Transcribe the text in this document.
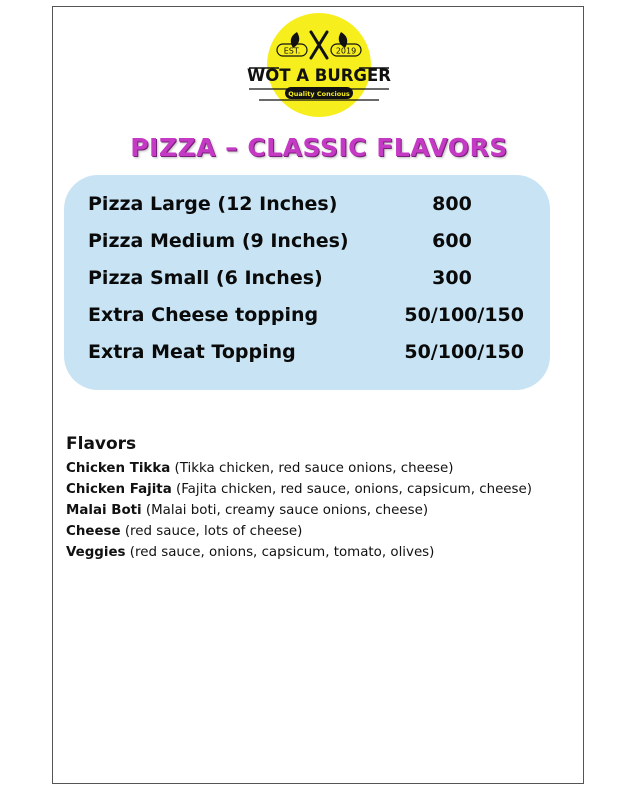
EST.	2019
WOT A BURGER
Quality Concious
PIZZA – CLASSIC FLAVORS
Pizza Large (12 Inches)	800
Pizza Medium (9 Inches)	600
Pizza Small (6 Inches)	300
Extra Cheese topping	50/100/150
Extra Meat Topping	50/100/150
Flavors
Chicken Tikka (Tikka chicken, red sauce onions, cheese)
Chicken Fajita (Fajita chicken, red sauce, onions, capsicum, cheese)
Malai Boti (Malai boti, creamy sauce onions, cheese)
Cheese (red sauce, lots of cheese)
Veggies (red sauce, onions, capsicum, tomato, olives)
